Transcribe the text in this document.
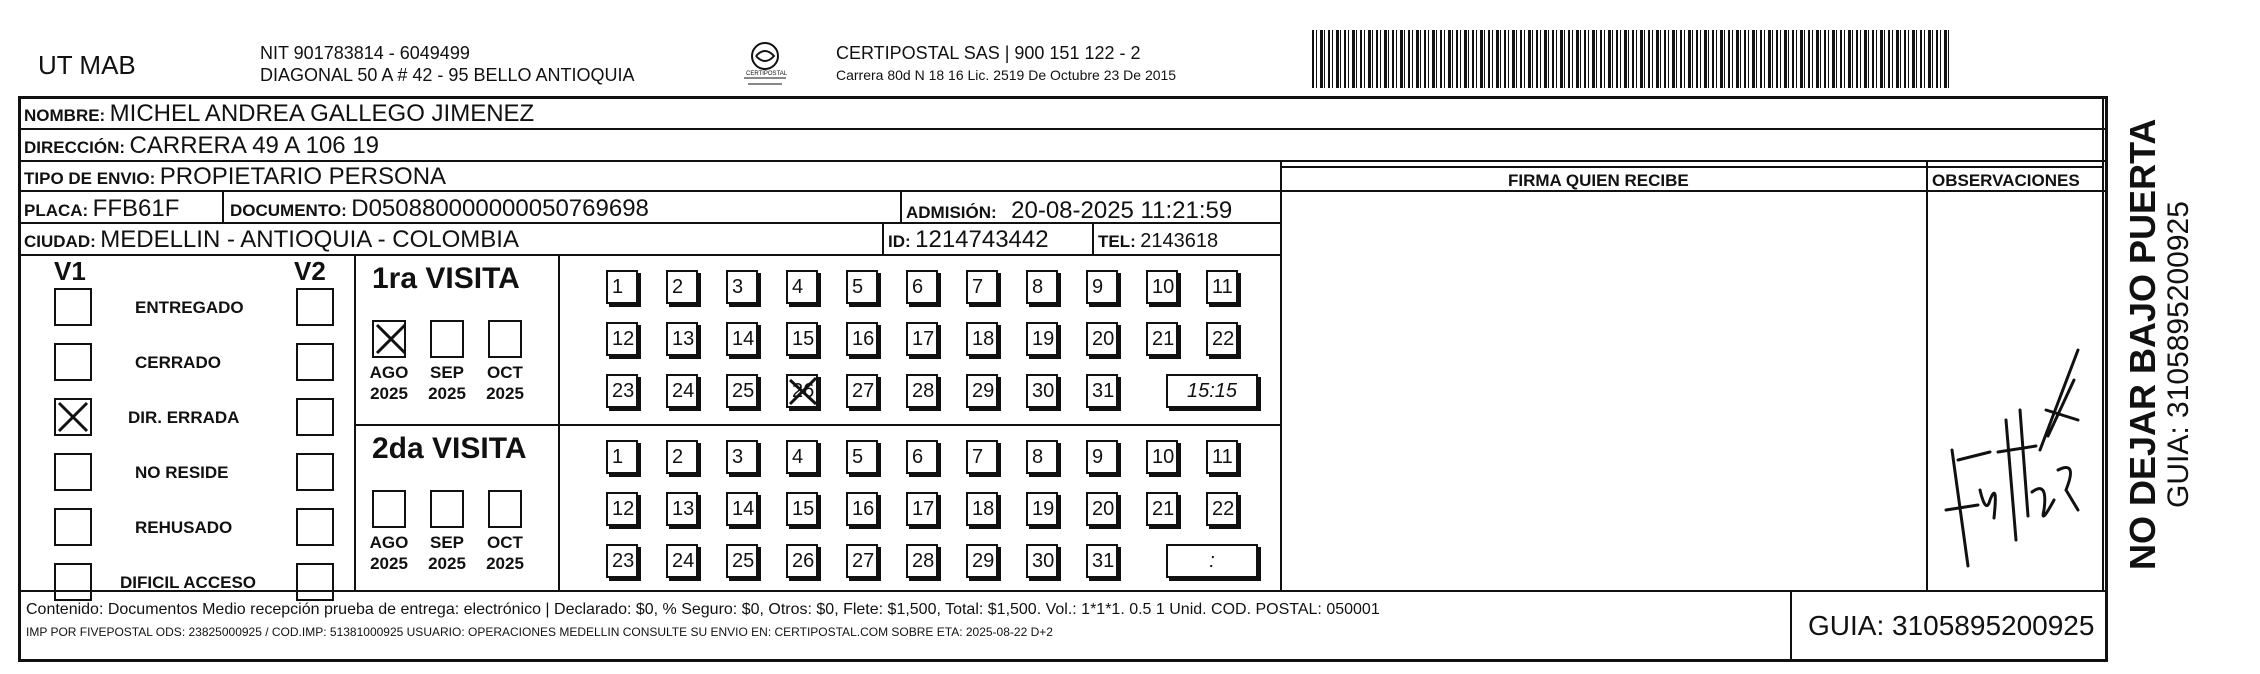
UT MAB	NIT 901783814 - 6049499
DIAGONAL 50 A # 42 - 95 BELLO ANTIOQUIA	CERTIPOSTAL
CERTIPOSTAL SAS | 900 151 122 - 2
Carrera 80d N 18 16 Lic. 2519 De Octubre 23 De 2015
NOMBRE: MICHEL ANDREA GALLEGO JIMENEZ
DIRECCIÓN: CARRERA 49 A 106 19
TIPO DE ENVIO: PROPIETARIO PERSONA	FIRMA QUIEN RECIBE	OBSERVACIONES
PLACA: FFB61F	DOCUMENTO: D050880000000050769698	ADMISIÓN: 20-08-2025 11:21:59
CIUDAD: MEDELLIN - ANTIOQUIA - COLOMBIA	ID: 1214743442	TEL: 2143618
V1	V2
ENTREGADO
CERRADO
DIR. ERRADA
NO RESIDE
REHUSADO
DIFICIL ACCESO
1ra VISITA
AGO
2025
SEP
2025
OCT
2025
1	2	3	4	5	6	7	8	9	10	11
12	13	14	15	16	17	18	19	20	21	22
23	24	25	26	27	28	29	30	31	15:15
2da VISITA
AGO
2025
SEP
2025
OCT
2025
1	2	3	4	5	6	7	8	9	10	11
12	13	14	15	16	17	18	19	20	21	22
23	24	25	26	27	28	29	30	31	:
Contenido: Documentos Medio recepción prueba de entrega: electrónico | Declarado: $0, % Seguro: $0, Otros: $0, Flete: $1,500, Total: $1,500. Vol.: 1*1*1. 0.5 1 Unid. COD. POSTAL: 050001
IMP POR FIVEPOSTAL ODS: 23825000925 / COD.IMP: 51381000925 USUARIO: OPERACIONES MEDELLIN CONSULTE SU ENVIO EN: CERTIPOSTAL.COM SOBRE ETA: 2025-08-22 D+2	GUIA: 3105895200925
NO DEJAR BAJO PUERTA GUIA: 3105895200925
